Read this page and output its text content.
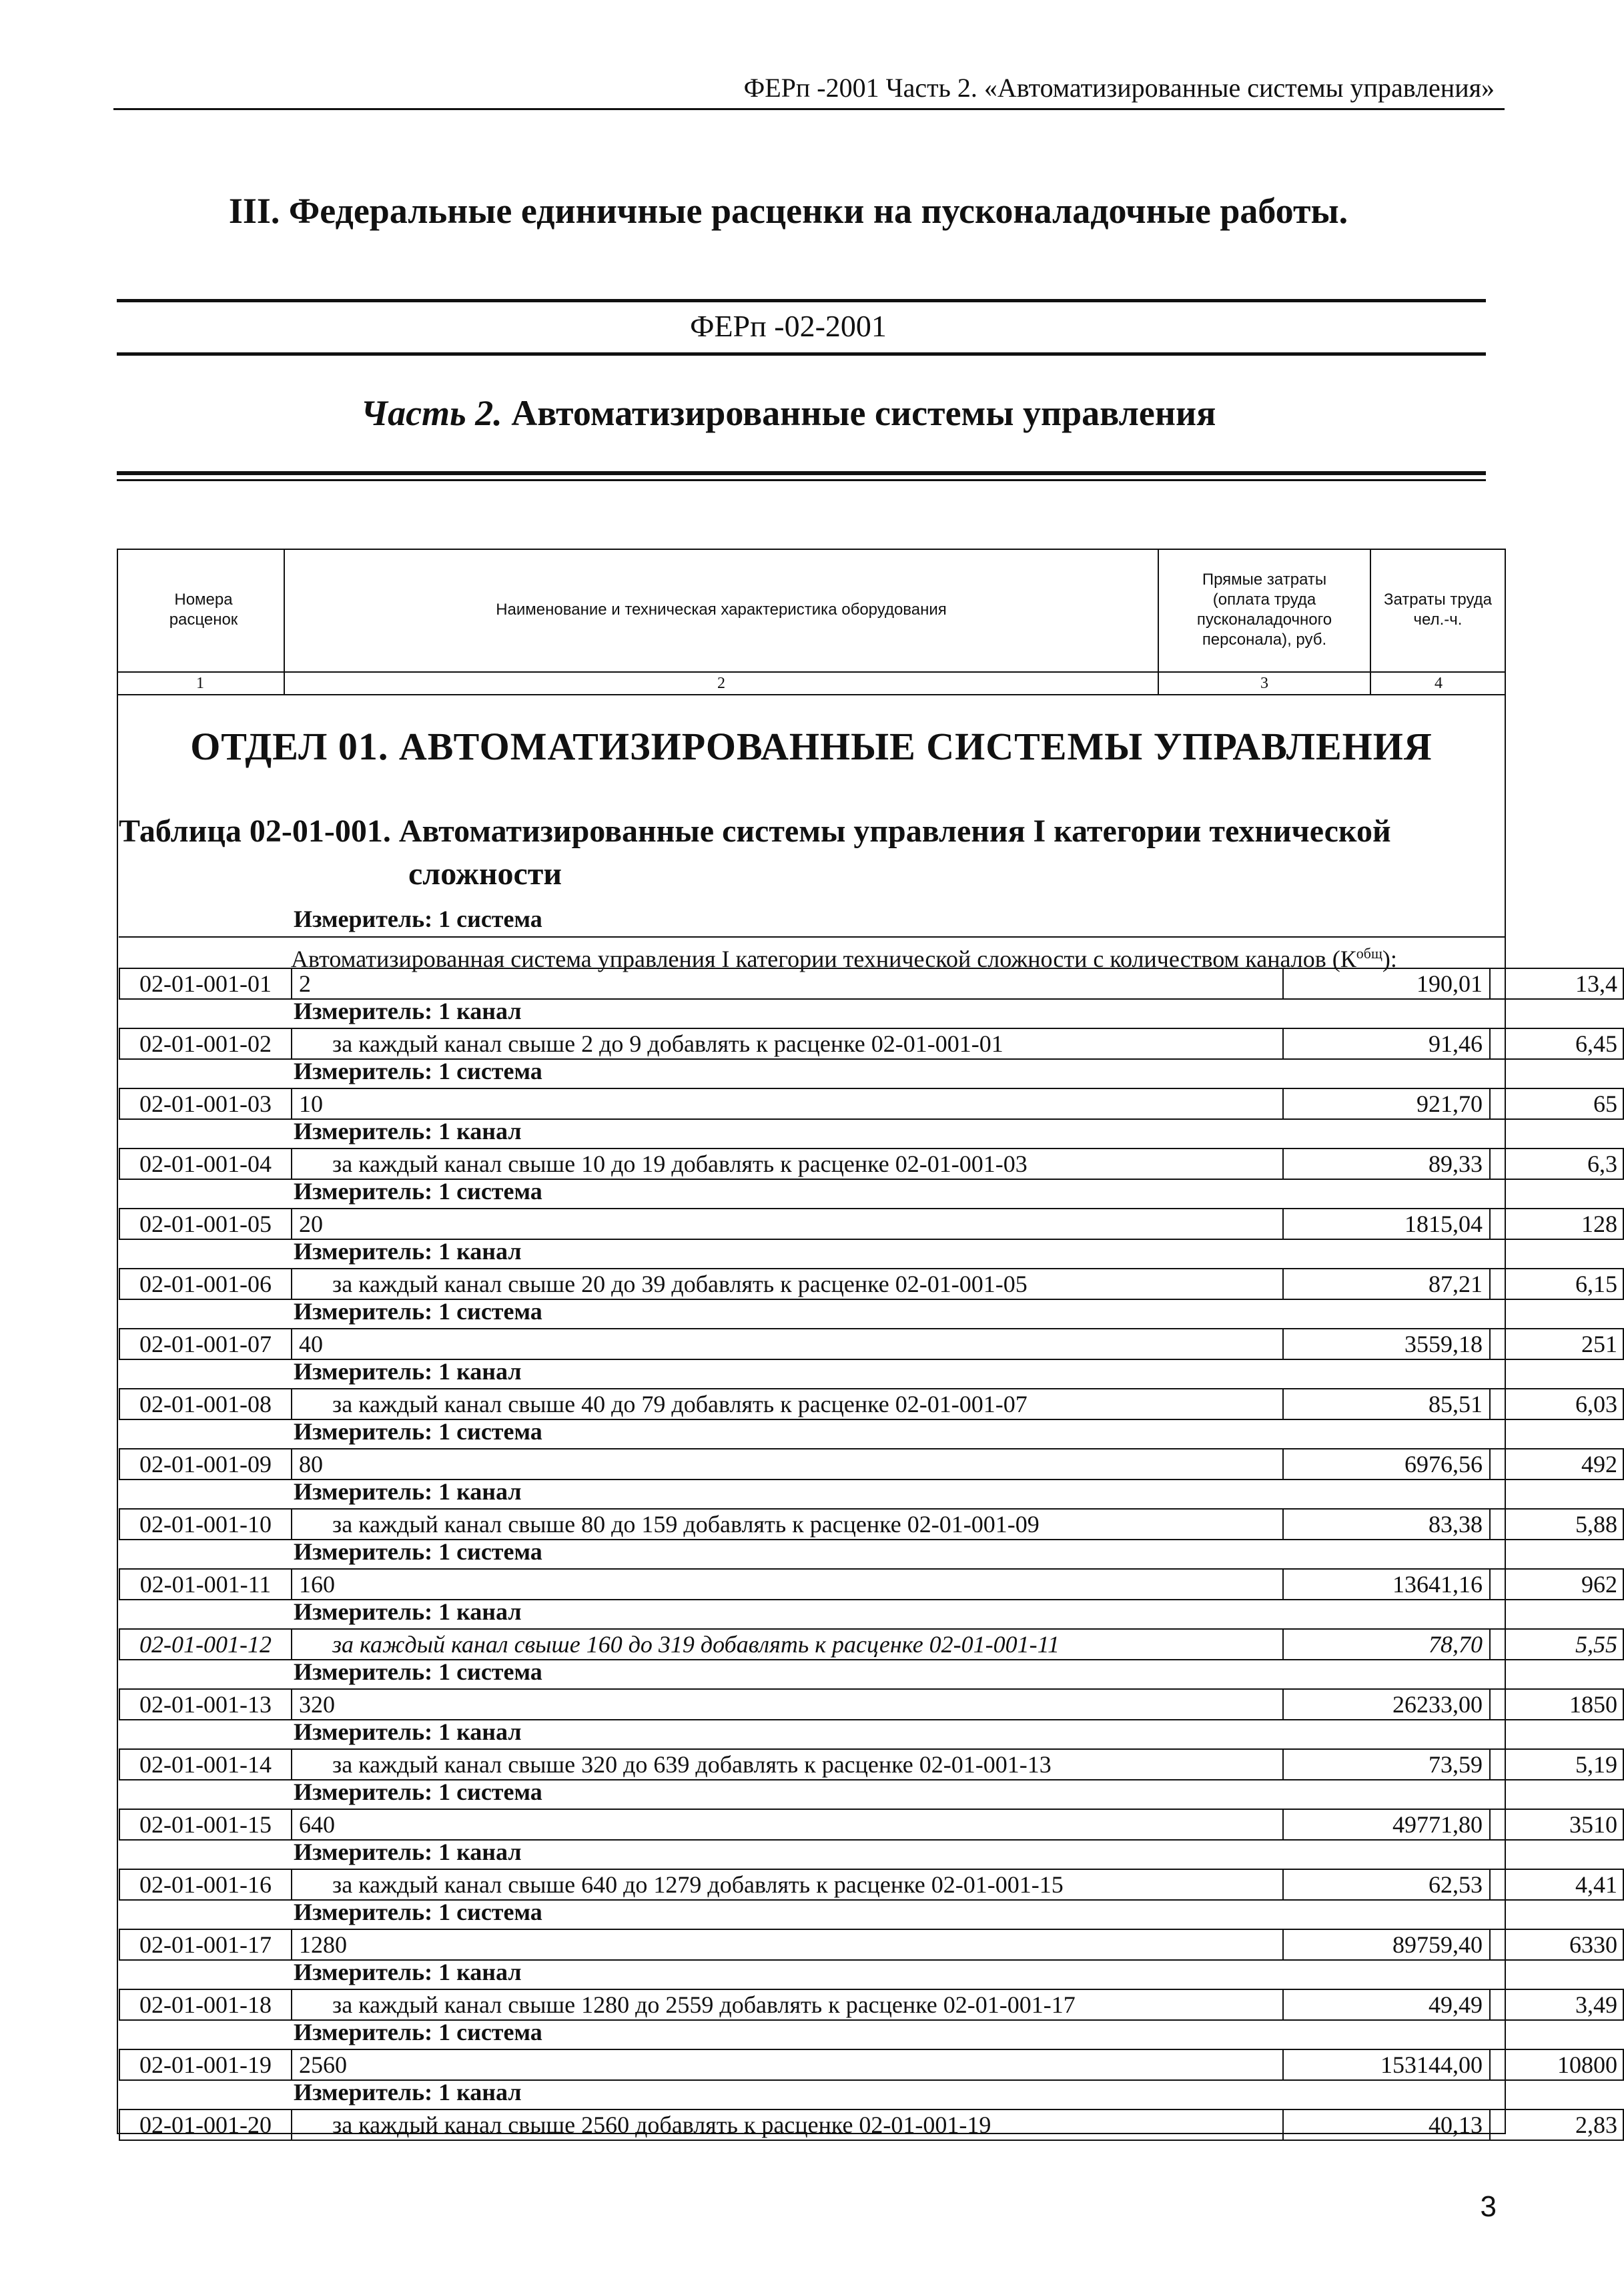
ФЕРп -2001 Часть 2. «Автоматизированные системы управления»
III. Федеральные единичные расценки на пусконаладочные работы.
ФЕРп -02-2001
Часть 2. Автоматизированные системы управления
Номера расценок
Наименование и техническая характеристика оборудования
Прямые затраты (оплата труда пусконаладочного персонала), руб.
Затраты труда чел.-ч.
1	2	3	4
ОТДЕЛ 01. АВТОМАТИЗИРОВАННЫЕ СИСТЕМЫ УПРАВЛЕНИЯ
Таблица 02-01-001. Автоматизированные системы управления I категории технической
сложности
Измеритель: 1 система
Автоматизированная система управления I категории технической сложности с количеством каналов $(К^{общ})$:
02-01-001-01	2	190,01	13,4
Измеритель: 1 канал
02-01-001-02	за каждый канал свыше 2 до 9 добавлять к расценке 02-01-001-01	91,46	6,45
Измеритель: 1 система
02-01-001-03	10	921,70	65
Измеритель: 1 канал
02-01-001-04	за каждый канал свыше 10 до 19 добавлять к расценке 02-01-001-03	89,33	6,3
Измеритель: 1 система
02-01-001-05	20	1815,04	128
Измеритель: 1 канал
02-01-001-06	за каждый канал свыше 20 до 39 добавлять к расценке 02-01-001-05	87,21	6,15
Измеритель: 1 система
02-01-001-07	40	3559,18	251
Измеритель: 1 канал
02-01-001-08	за каждый канал свыше 40 до 79 добавлять к расценке 02-01-001-07	85,51	6,03
Измеритель: 1 система
02-01-001-09	80	6976,56	492
Измеритель: 1 канал
02-01-001-10	за каждый канал свыше 80 до 159 добавлять к расценке 02-01-001-09	83,38	5,88
Измеритель: 1 система
02-01-001-11	160	13641,16	962
Измеритель: 1 канал
02-01-001-12	за каждый канал свыше 160 до 319 добавлять к расценке 02-01-001-11	78,70	5,55
Измеритель: 1 система
02-01-001-13	320	26233,00	1850
Измеритель: 1 канал
02-01-001-14	за каждый канал свыше 320 до 639 добавлять к расценке 02-01-001-13	73,59	5,19
Измеритель: 1 система
02-01-001-15	640	49771,80	3510
Измеритель: 1 канал
02-01-001-16	за каждый канал свыше 640 до 1279 добавлять к расценке 02-01-001-15	62,53	4,41
Измеритель: 1 система
02-01-001-17	1280	89759,40	6330
Измеритель: 1 канал
02-01-001-18	за каждый канал свыше 1280 до 2559 добавлять к расценке 02-01-001-17	49,49	3,49
Измеритель: 1 система
02-01-001-19	2560	153144,00	10800
Измеритель: 1 канал
02-01-001-20	за каждый канал свыше 2560 добавлять к расценке 02-01-001-19	40,13	2,83
3
